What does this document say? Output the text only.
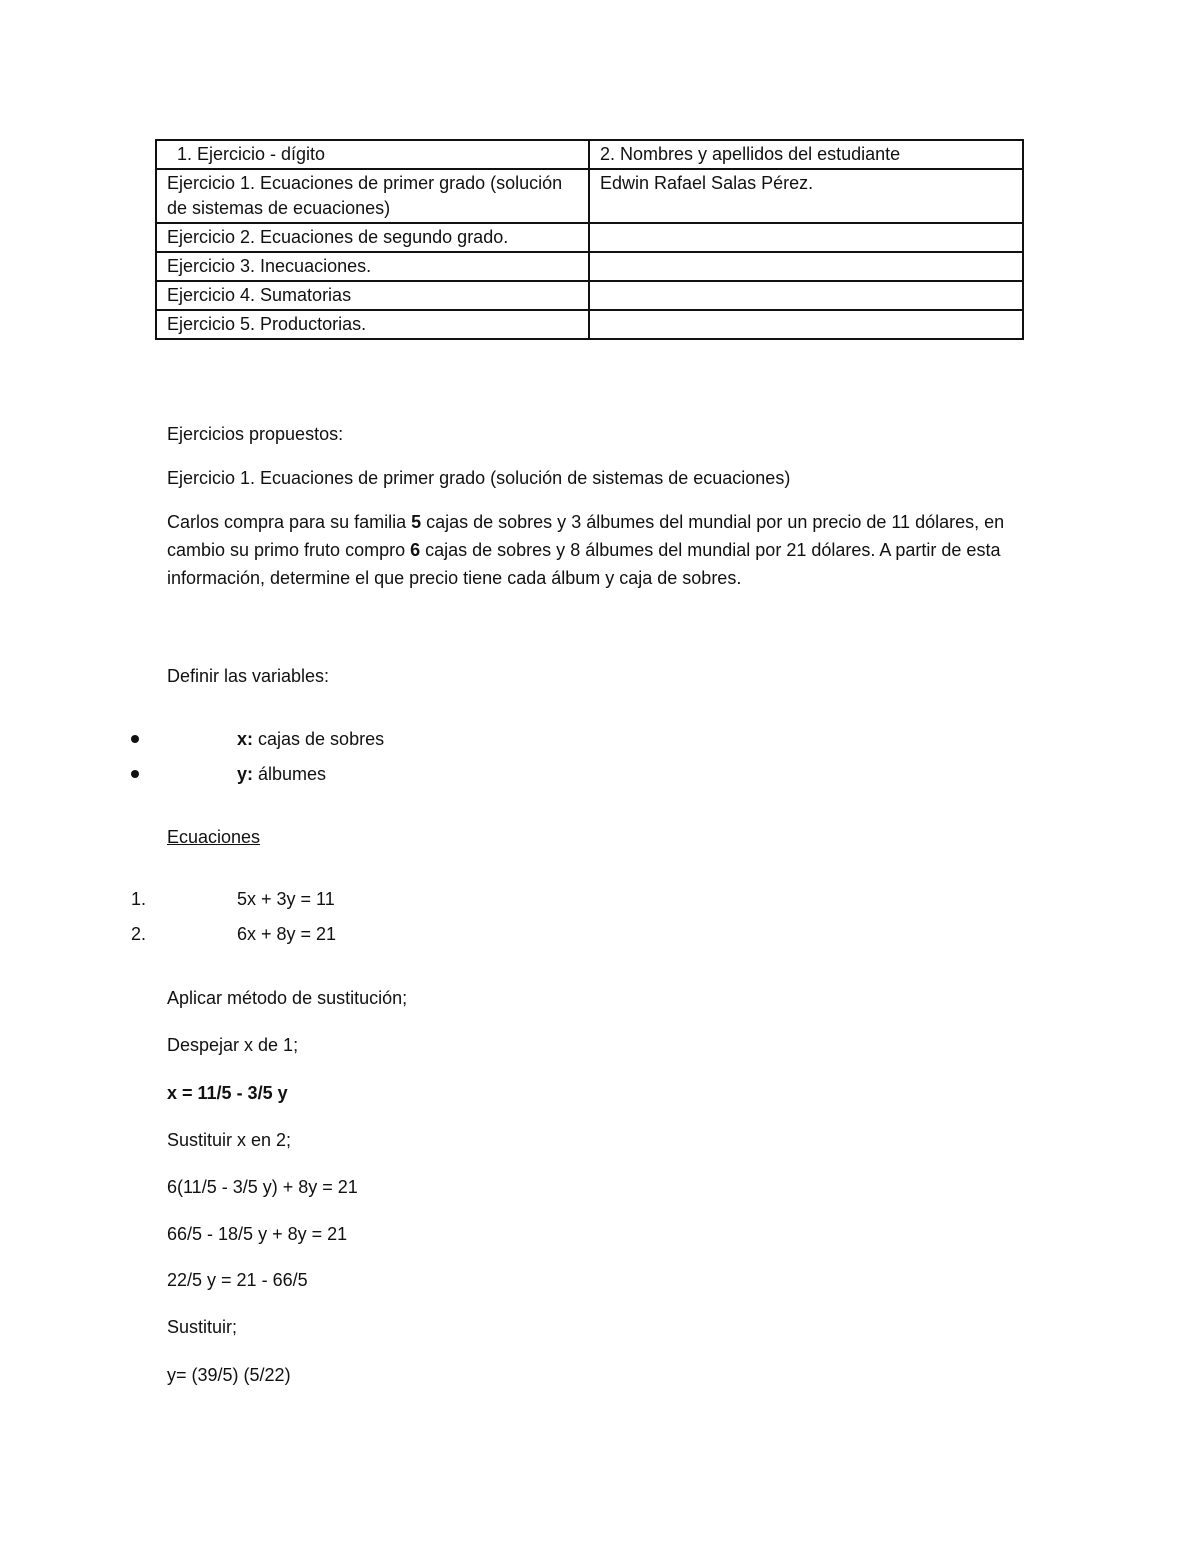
1. Ejercicio - dígito	2. Nombres y apellidos del estudiante
Ejercicio 1. Ecuaciones de primer grado (solución de sistemas de ecuaciones)	Edwin Rafael Salas Pérez.
Ejercicio 2. Ecuaciones de segundo grado.	
Ejercicio 3. Inecuaciones.	
Ejercicio 4. Sumatorias	
Ejercicio 5. Productorias.	
Ejercicios propuestos:
Ejercicio 1. Ecuaciones de primer grado (solución de sistemas de ecuaciones)
Carlos compra para su familia 5 cajas de sobres y 3 álbumes del mundial por un precio de 11 dólares, en cambio su primo fruto compro 6 cajas de sobres y 8 álbumes del mundial por 21 dólares. A partir de esta información, determine el que precio tiene cada álbum y caja de sobres.
Definir las variables:
x: cajas de sobres
y: álbumes
Ecuaciones
1.	5x + 3y = 11
2.	6x + 8y = 21
Aplicar método de sustitución;
Despejar x de 1;
x = 11/5 - 3/5 y
Sustituir x en 2;
6(11/5 - 3/5 y) + 8y = 21
66/5 - 18/5 y + 8y = 21
22/5 y = 21 - 66/5
Sustituir;
y= (39/5) (5/22)
